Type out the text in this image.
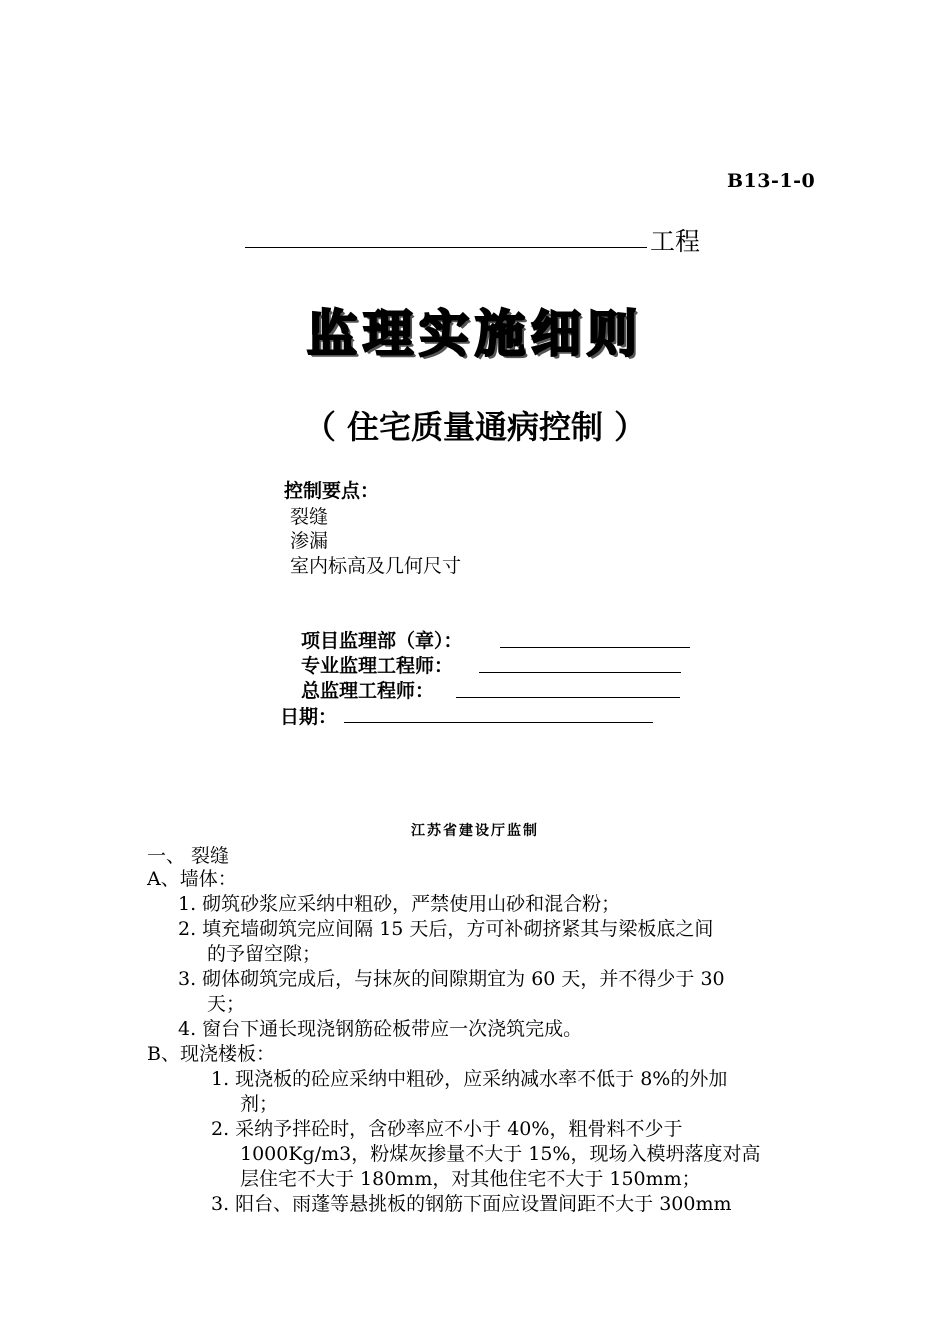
B13-1-0
工程
监理实施细则
（ 住宅质量通病控制 ）
控制要点：
裂缝
渗漏
室内标高及几何尺寸
项目监理部（章）：
专业监理工程师：
总监理工程师：
日期：
江苏省建设厅监制
一、 裂缝
A、墙体：
1. 砌筑砂浆应采纳中粗砂，严禁使用山砂和混合粉；
2. 填充墙砌筑完应间隔 15 天后，方可补砌挤紧其与梁板底之间
的予留空隙；
3. 砌体砌筑完成后，与抹灰的间隙期宜为 60 天，并不得少于 30
天；
4. 窗台下通长现浇钢筋砼板带应一次浇筑完成。
B、现浇楼板：
1. 现浇板的砼应采纳中粗砂，应采纳减水率不低于 8%的外加
剂；
2. 采纳予拌砼时，含砂率应不小于 40%，粗骨料不少于
1000Kg/m3，粉煤灰掺量不大于 15%，现场入模坍落度对高
层住宅不大于 180mm，对其他住宅不大于 150mm；
3. 阳台、雨蓬等悬挑板的钢筋下面应设置间距不大于 300mm
